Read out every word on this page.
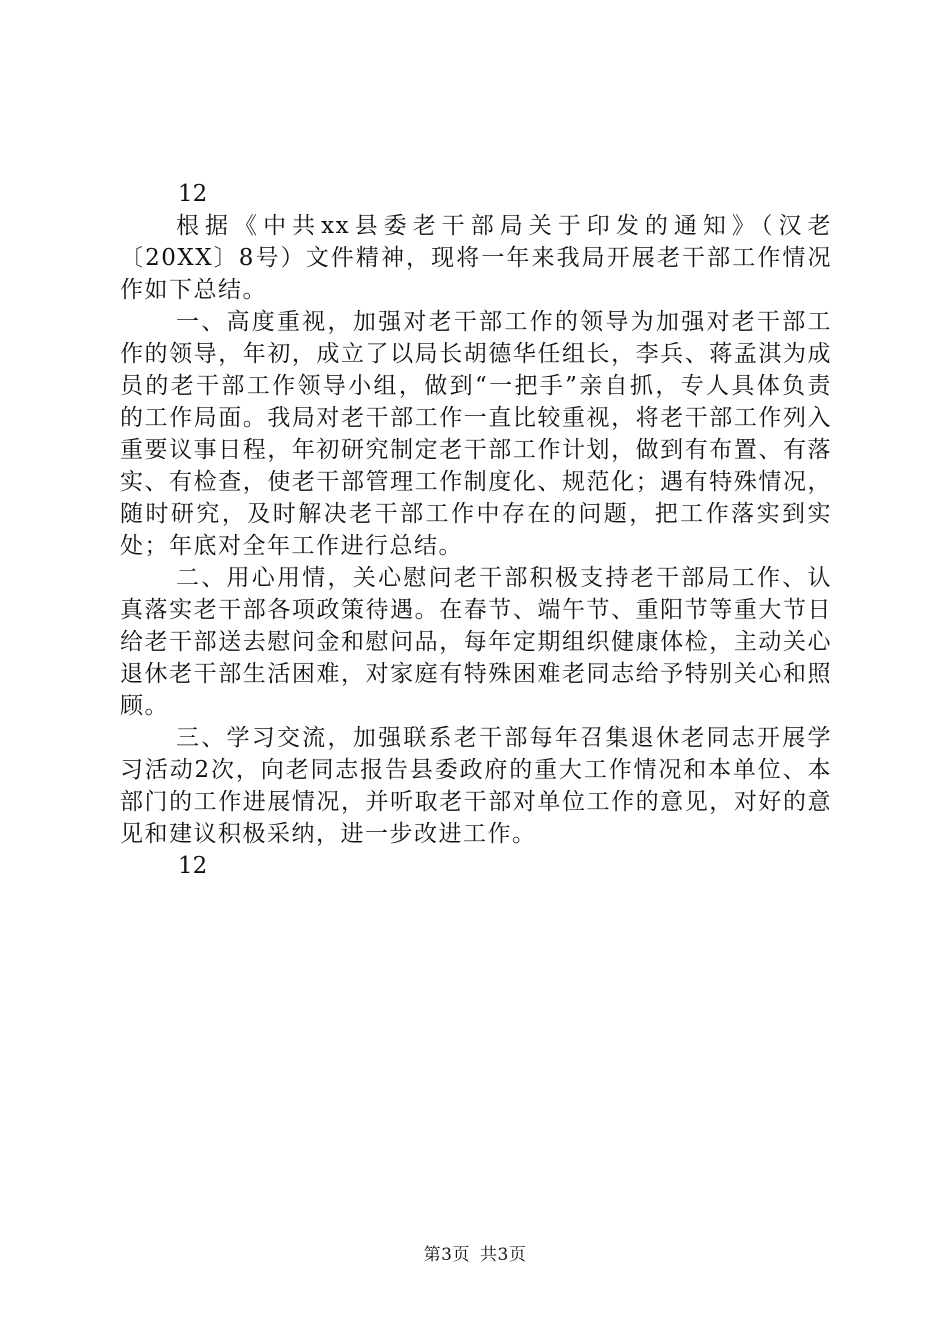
12

根据《中共xx县委老干部局关于印发的通知》（汉老〔20XX〕8号）文件精神，现将一年来我局开展老干部工作情况作如下总结。

一、高度重视，加强对老干部工作的领导为加强对老干部工作的领导，年初，成立了以局长胡德华任组长，李兵、蒋孟淇为成员的老干部工作领导小组，做到“一把手”亲自抓，专人具体负责的工作局面。我局对老干部工作一直比较重视，将老干部工作列入重要议事日程，年初研究制定老干部工作计划，做到有布置、有落实、有检查，使老干部管理工作制度化、规范化；遇有特殊情况，随时研究，及时解决老干部工作中存在的问题，把工作落实到实处；年底对全年工作进行总结。

二、用心用情，关心慰问老干部积极支持老干部局工作、认真落实老干部各项政策待遇。在春节、端午节、重阳节等重大节日给老干部送去慰问金和慰问品，每年定期组织健康体检，主动关心退休老干部生活困难，对家庭有特殊困难老同志给予特别关心和照顾。

三、学习交流，加强联系老干部每年召集退休老同志开展学习活动2次，向老同志报告县委政府的重大工作情况和本单位、本部门的工作进展情况，并听取老干部对单位工作的意见，对好的意见和建议积极采纳，进一步改进工作。

12

第3页 共3页
